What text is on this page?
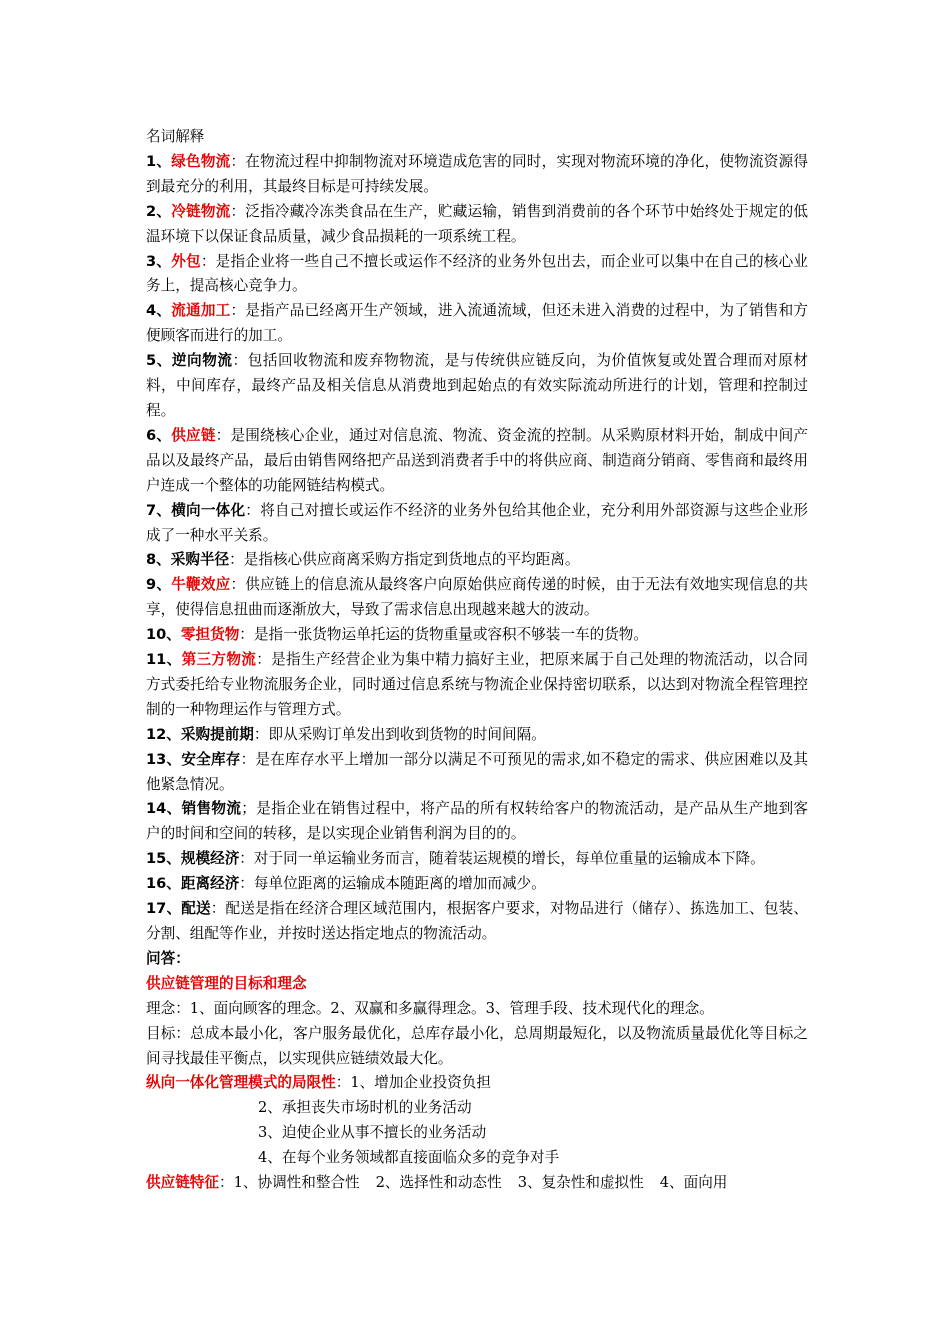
名词解释

1、绿色物流：在物流过程中抑制物流对环境造成危害的同时，实现对物流环境的净化，使物流资源得到最充分的利用，其最终目标是可持续发展。

2、冷链物流：泛指冷藏冷冻类食品在生产，贮藏运输，销售到消费前的各个环节中始终处于规定的低温环境下以保证食品质量，减少食品损耗的一项系统工程。

3、外包：是指企业将一些自己不擅长或运作不经济的业务外包出去，而企业可以集中在自己的核心业务上，提高核心竞争力。

4、流通加工：是指产品已经离开生产领域，进入流通流域，但还未进入消费的过程中，为了销售和方便顾客而进行的加工。

5、逆向物流：包括回收物流和废弃物物流，是与传统供应链反向，为价值恢复或处置合理而对原材料，中间库存，最终产品及相关信息从消费地到起始点的有效实际流动所进行的计划，管理和控制过程。

6、供应链：是围绕核心企业，通过对信息流、物流、资金流的控制。从采购原材料开始，制成中间产品以及最终产品，最后由销售网络把产品送到消费者手中的将供应商、制造商分销商、零售商和最终用户连成一个整体的功能网链结构模式。

7、横向一体化：将自己对擅长或运作不经济的业务外包给其他企业，充分利用外部资源与这些企业形成了一种水平关系。

8、采购半径：是指核心供应商离采购方指定到货地点的平均距离。

9、牛鞭效应：供应链上的信息流从最终客户向原始供应商传递的时候，由于无法有效地实现信息的共享，使得信息扭曲而逐渐放大，导致了需求信息出现越来越大的波动。

10、零担货物：是指一张货物运单托运的货物重量或容积不够装一车的货物。

11、第三方物流：是指生产经营企业为集中精力搞好主业，把原来属于自己处理的物流活动，以合同方式委托给专业物流服务企业，同时通过信息系统与物流企业保持密切联系，以达到对物流全程管理控制的一种物理运作与管理方式。

12、采购提前期：即从采购订单发出到收到货物的时间间隔。

13、安全库存：是在库存水平上增加一部分以满足不可预见的需求,如不稳定的需求、供应困难以及其他紧急情况。

14、销售物流；是指企业在销售过程中，将产品的所有权转给客户的物流活动，是产品从生产地到客户的时间和空间的转移，是以实现企业销售利润为目的的。

15、规模经济：对于同一单运输业务而言，随着装运规模的增长，每单位重量的运输成本下降。

16、距离经济：每单位距离的运输成本随距离的增加而减少。

17、配送：配送是指在经济合理区域范围内，根据客户要求，对物品进行（储存）、拣选加工、包装、分割、组配等作业，并按时送达指定地点的物流活动。

问答：

供应链管理的目标和理念

理念：1、面向顾客的理念。2、双赢和多赢得理念。3、管理手段、技术现代化的理念。

目标：总成本最小化，客户服务最优化，总库存最小化，总周期最短化，以及物流质量最优化等目标之间寻找最佳平衡点，以实现供应链绩效最大化。

纵向一体化管理模式的局限性：1、增加企业投资负担

2、承担丧失市场时机的业务活动

3、迫使企业从事不擅长的业务活动

4、在每个业务领域都直接面临众多的竞争对手

供应链特征：1、协调性和整合性 2、选择性和动态性 3、复杂性和虚拟性 4、面向用
